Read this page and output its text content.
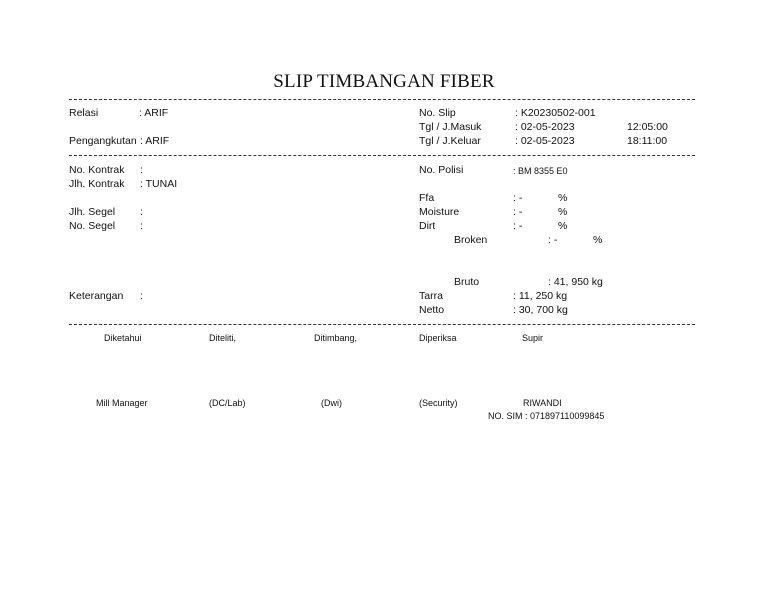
SLIP TIMBANGAN FIBER
Relasi	: ARIF
Pengangkutan : ARIF
No. Slip	: K20230502-001
Tgl / J.Masuk	: 02-05-2023	12:05:00
Tgl / J.Keluar	: 02-05-2023	18:11:00
No. Kontrak :
Jlh. Kontrak : TUNAI
Jlh. Segel :
No. Segel :
Keterangan :
No. Polisi	: BM 8355 E0
Ffa	: -	%
Moisture	: -	%
Dirt	: -	%
Broken	: -	%
Bruto	: 41, 950 kg
Tarra	: 11, 250 kg
Netto	: 30, 700 kg
Diketahui	Diteliti,	Ditimbang,	Diperiksa	Supir
Mill Manager	(DC/Lab)	(Dwi)	(Security)	RIWANDI
NO. SIM : 071897110099845
